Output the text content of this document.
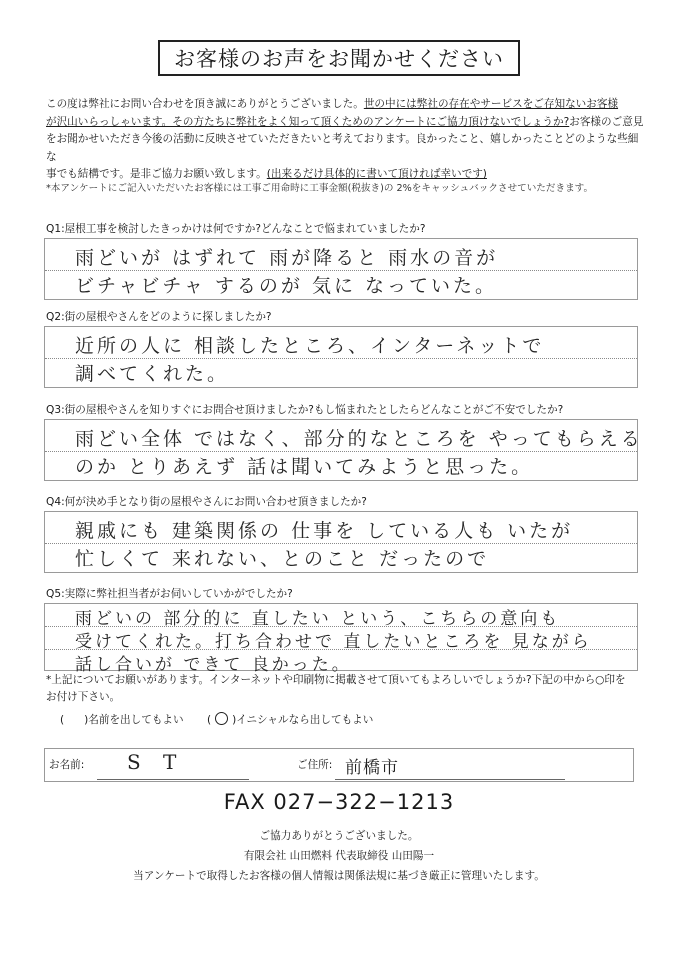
お客様のお声をお聞かせください

この度は弊社にお問い合わせを頂き誠にありがとうございました。世の中には弊社の存在やサービスをご存知ないお客様

が沢山いらっしゃいます。その方たちに弊社をよく知って頂くためのアンケートにご協力頂けないでしょうか?お客様のご意見

をお聞かせいただき今後の活動に反映させていただきたいと考えております。良かったこと、嬉しかったことどのような些細な

事でも結構です。是非ご協力お願い致します。(出来るだけ具体的に書いて頂ければ幸いです)

*本アンケートにご記入いただいたお客様には工事ご用命時に工事金額(税抜き)の 2%をキャッシュバックさせていただきます。
Q1:屋根工事を検討したきっかけは何ですか?どんなことで悩まれていましたか?
雨どいが はずれて 雨が降ると 雨水の音が
ビチャビチャ するのが 気に なっていた。
Q2:街の屋根やさんをどのように探しましたか?
近所の人に 相談したところ、インターネットで
調べてくれた。
Q3:街の屋根やさんを知りすぐにお問合せ頂けましたか?もし悩まれたとしたらどんなことがご不安でしたか?
雨どい全体 ではなく、部分的なところを やってもらえる
のか とりあえず 話は聞いてみようと思った。
Q4:何が決め手となり街の屋根やさんにお問い合わせ頂きましたか?
親戚にも 建築関係の 仕事を している人も いたが
忙しくて 来れない、とのこと だったので
Q5:実際に弊社担当者がお伺いしていかがでしたか?
雨どいの 部分的に 直したい という、こちらの意向も
受けてくれた。打ち合わせで 直したいところを 見ながら
話し合いが できて 良かった。

*上記についてお願いがあります。インターネットや印刷物に掲載させて頂いてもよろしいでしょうか?下記の中から○印を

お付け下さい。

( )名前を出してもよい ( ○ )イニシャルなら出してもよい
お名前: S T	ご住所: 前橋市
FAX 027−322−1213
ご協力ありがとうございました。
有限会社 山田燃料 代表取締役 山田陽一
当アンケートで取得したお客様の個人情報は関係法規に基づき厳正に管理いたします。
